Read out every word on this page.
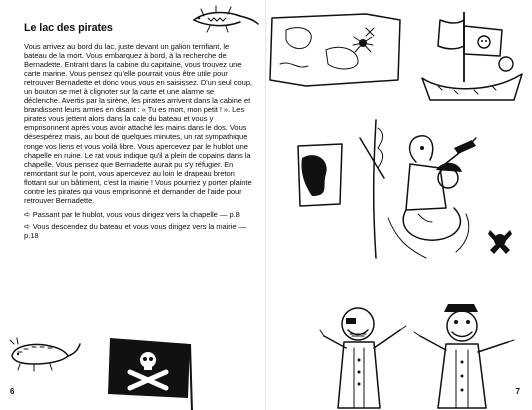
Le lac des pirates

Vous arrivez au bord du lac, juste devant un galion terrifiant, le bateau de la mort. Vous embarquez à bord, à la recherche de Bernadette. Entrant dans la cabine du capitaine, vous trouvez une carte marine. Vous pensez qu'elle pourrait vous être utile pour retrouver Bernadette et donc vous vous en saisissez. D'un seul coup, un bouton se met à clignoter sur la carte et une alarme se déclenche. Avertis par la sirène, les pirates arrivent dans la cabine et brandissent leurs armes en disant : « Tu es mort, mon petit ! ». Les pirates vous jettent alors dans la cale du bateau et vous y emprisonnent après vous avoir attaché les mains dans le dos. Vous désespérez mais, au bout de quelques minutes, un rat sympathique ronge vos liens et vous voilà libre. Vous apercevez par le hublot une chapelle en ruine. Le rat vous indique qu'il a plein de copains dans la chapelle. Vous pensez que Bernadette aurait pu s'y réfugier. En remontant sur le pont, vous apercevez au loin le drapeau breton flottant sur un bâtiment, c'est la mairie ! Vous pourriez y porter plainte contre les pirates qui vous emprisonné et demander de l'aide pour retrouver Bernadette.

➪ Passant par le hublot, vous vous dirigez vers la chapelle — p.8
➪ Vous descendez du bateau et vous vous dirigez vers la mairie — p.18
6	7
